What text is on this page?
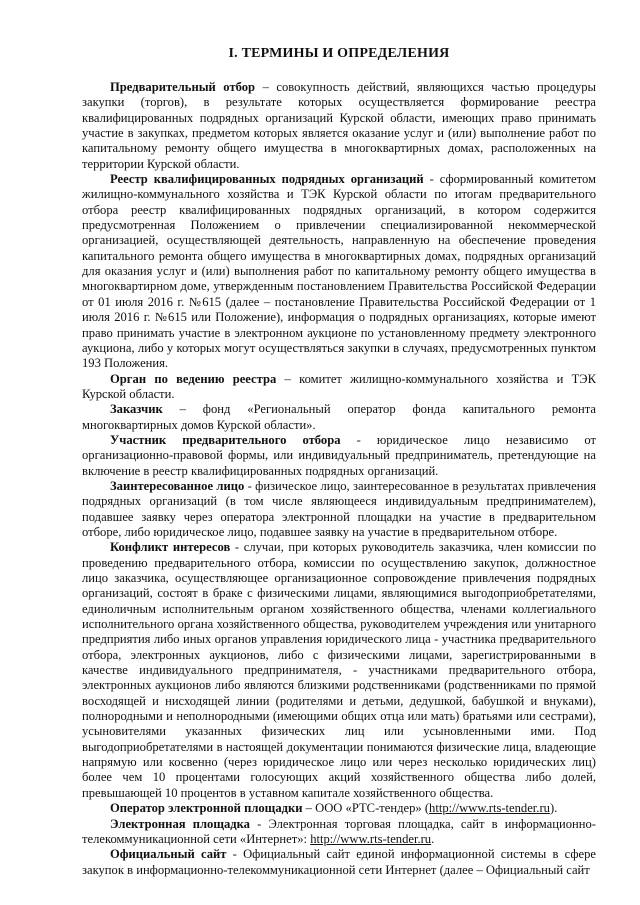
I. ТЕРМИНЫ И ОПРЕДЕЛЕНИЯ

Предварительный отбор – совокупность действий, являющихся частью процедуры закупки (торгов), в результате которых осуществляется формирование реестра квалифицированных подрядных организаций Курской области, имеющих право принимать участие в закупках, предметом которых является оказание услуг и (или) выполнение работ по капитальному ремонту общего имущества в многоквартирных домах, расположенных на территории Курской области.

Реестр квалифицированных подрядных организаций - сформированный комитетом жилищно-коммунального хозяйства и ТЭК Курской области по итогам предварительного отбора реестр квалифицированных подрядных организаций, в котором содержится предусмотренная Положением о привлечении специализированной некоммерческой организацией, осуществляющей деятельность, направленную на обеспечение проведения капитального ремонта общего имущества в многоквартирных домах, подрядных организаций для оказания услуг и (или) выполнения работ по капитальному ремонту общего имущества в многоквартирном доме, утвержденным постановлением Правительства Российской Федерации от 01 июля 2016 г. №615 (далее – постановление Правительства Российской Федерации от 1 июля 2016 г. №615 или Положение), информация о подрядных организациях, которые имеют право принимать участие в электронном аукционе по установленному предмету электронного аукциона, либо у которых могут осуществляться закупки в случаях, предусмотренных пунктом 193 Положения.

Орган по ведению реестра – комитет жилищно-коммунального хозяйства и ТЭК Курской области.

Заказчик – фонд «Региональный оператор фонда капитального ремонта многоквартирных домов Курской области».

Участник предварительного отбора - юридическое лицо независимо от организационно-правовой формы, или индивидуальный предприниматель, претендующие на включение в реестр квалифицированных подрядных организаций.

Заинтересованное лицо - физическое лицо, заинтересованное в результатах привлечения подрядных организаций (в том числе являющееся индивидуальным предпринимателем), подавшее заявку через оператора электронной площадки на участие в предварительном отборе, либо юридическое лицо, подавшее заявку на участие в предварительном отборе.

Конфликт интересов - случаи, при которых руководитель заказчика, член комиссии по проведению предварительного отбора, комиссии по осуществлению закупок, должностное лицо заказчика, осуществляющее организационное сопровождение привлечения подрядных организаций, состоят в браке с физическими лицами, являющимися выгодоприобретателями, единоличным исполнительным органом хозяйственного общества, членами коллегиального исполнительного органа хозяйственного общества, руководителем учреждения или унитарного предприятия либо иных органов управления юридического лица - участника предварительного отбора, электронных аукционов, либо с физическими лицами, зарегистрированными в качестве индивидуального предпринимателя, - участниками предварительного отбора, электронных аукционов либо являются близкими родственниками (родственниками по прямой восходящей и нисходящей линии (родителями и детьми, дедушкой, бабушкой и внуками), полнородными и неполнородными (имеющими общих отца или мать) братьями или сестрами), усыновителями указанных физических лиц или усыновленными ими. Под выгодоприобретателями в настоящей документации понимаются физические лица, владеющие напрямую или косвенно (через юридическое лицо или через несколько юридических лиц) более чем 10 процентами голосующих акций хозяйственного общества либо долей, превышающей 10 процентов в уставном капитале хозяйственного общества.

Оператор электронной площадки – ООО «РТС-тендер» (http://www.rts-tender.ru).

Электронная площадка - Электронная торговая площадка, сайт в информационно-телекоммуникационной сети «Интернет»: http://www.rts-tender.ru.

Официальный сайт - Официальный сайт единой информационной системы в сфере закупок в информационно-телекоммуникационной сети Интернет (далее – Официальный сайт
